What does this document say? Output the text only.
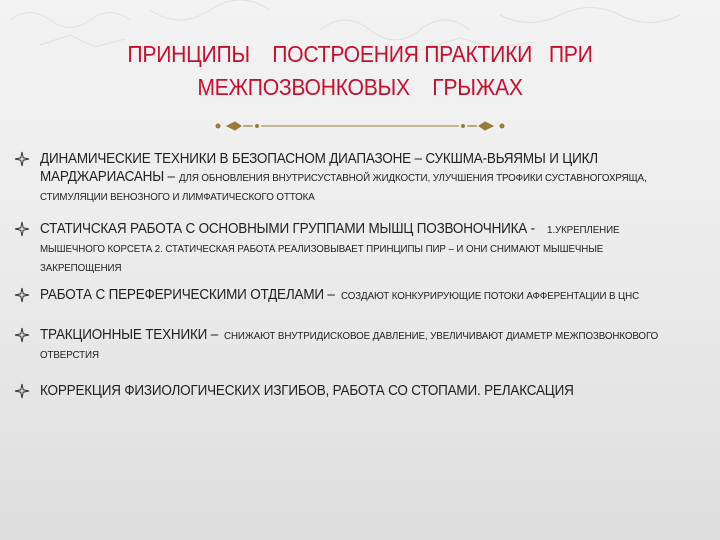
ПРИНЦИПЫ    ПОСТРОЕНИЯ ПРАКТИКИ   ПРИ
МЕЖПОЗВОНКОВЫХ    ГРЫЖАХ
ДИНАМИЧЕСКИЕ ТЕХНИКИ В БЕЗОПАСНОМ ДИАПАЗОНЕ – СУКШМА-ВЬЯЯМЫ И ЦИКЛ
МАРДЖАРИАСАНЫ – ДЛЯ ОБНОВЛЕНИЯ ВНУТРИСУСТАВНОЙ ЖИДКОСТИ, УЛУЧШЕНИЯ ТРОФИКИ СУСТАВНОГОХРЯЩА,
СТИМУЛЯЦИИ ВЕНОЗНОГО И ЛИМФАТИЧЕСКОГО ОТТОКА
СТАТИЧСКАЯ РАБОТА С ОСНОВНЫМИ ГРУППАМИ МЫШЦ ПОЗВОНОЧНИКА - 1.УКРЕПЛЕНИЕ
МЫШЕЧНОГО КОРСЕТА 2. СТАТИЧЕСКАЯ РАБОТА РЕАЛИЗОВЫВАЕТ ПРИНЦИПЫ ПИР – И ОНИ СНИМАЮТ МЫШЕЧНЫЕ
ЗАКРЕПОЩЕНИЯ
РАБОТА С ПЕРЕФЕРИЧЕСКИМИ ОТДЕЛАМИ – СОЗДАЮТ КОНКУРИРУЮЩИЕ ПОТОКИ АФФЕРЕНТАЦИИ В ЦНС
ТРАКЦИОННЫЕ ТЕХНИКИ – СНИЖАЮТ ВНУТРИДИСКОВОЕ ДАВЛЕНИЕ, УВЕЛИЧИВАЮТ ДИАМЕТР МЕЖПОЗВОНКОВОГО
ОТВЕРСТИЯ
КОРРЕКЦИЯ ФИЗИОЛОГИЧЕСКИХ ИЗГИБОВ, РАБОТА СО СТОПАМИ. РЕЛАКСАЦИЯ
